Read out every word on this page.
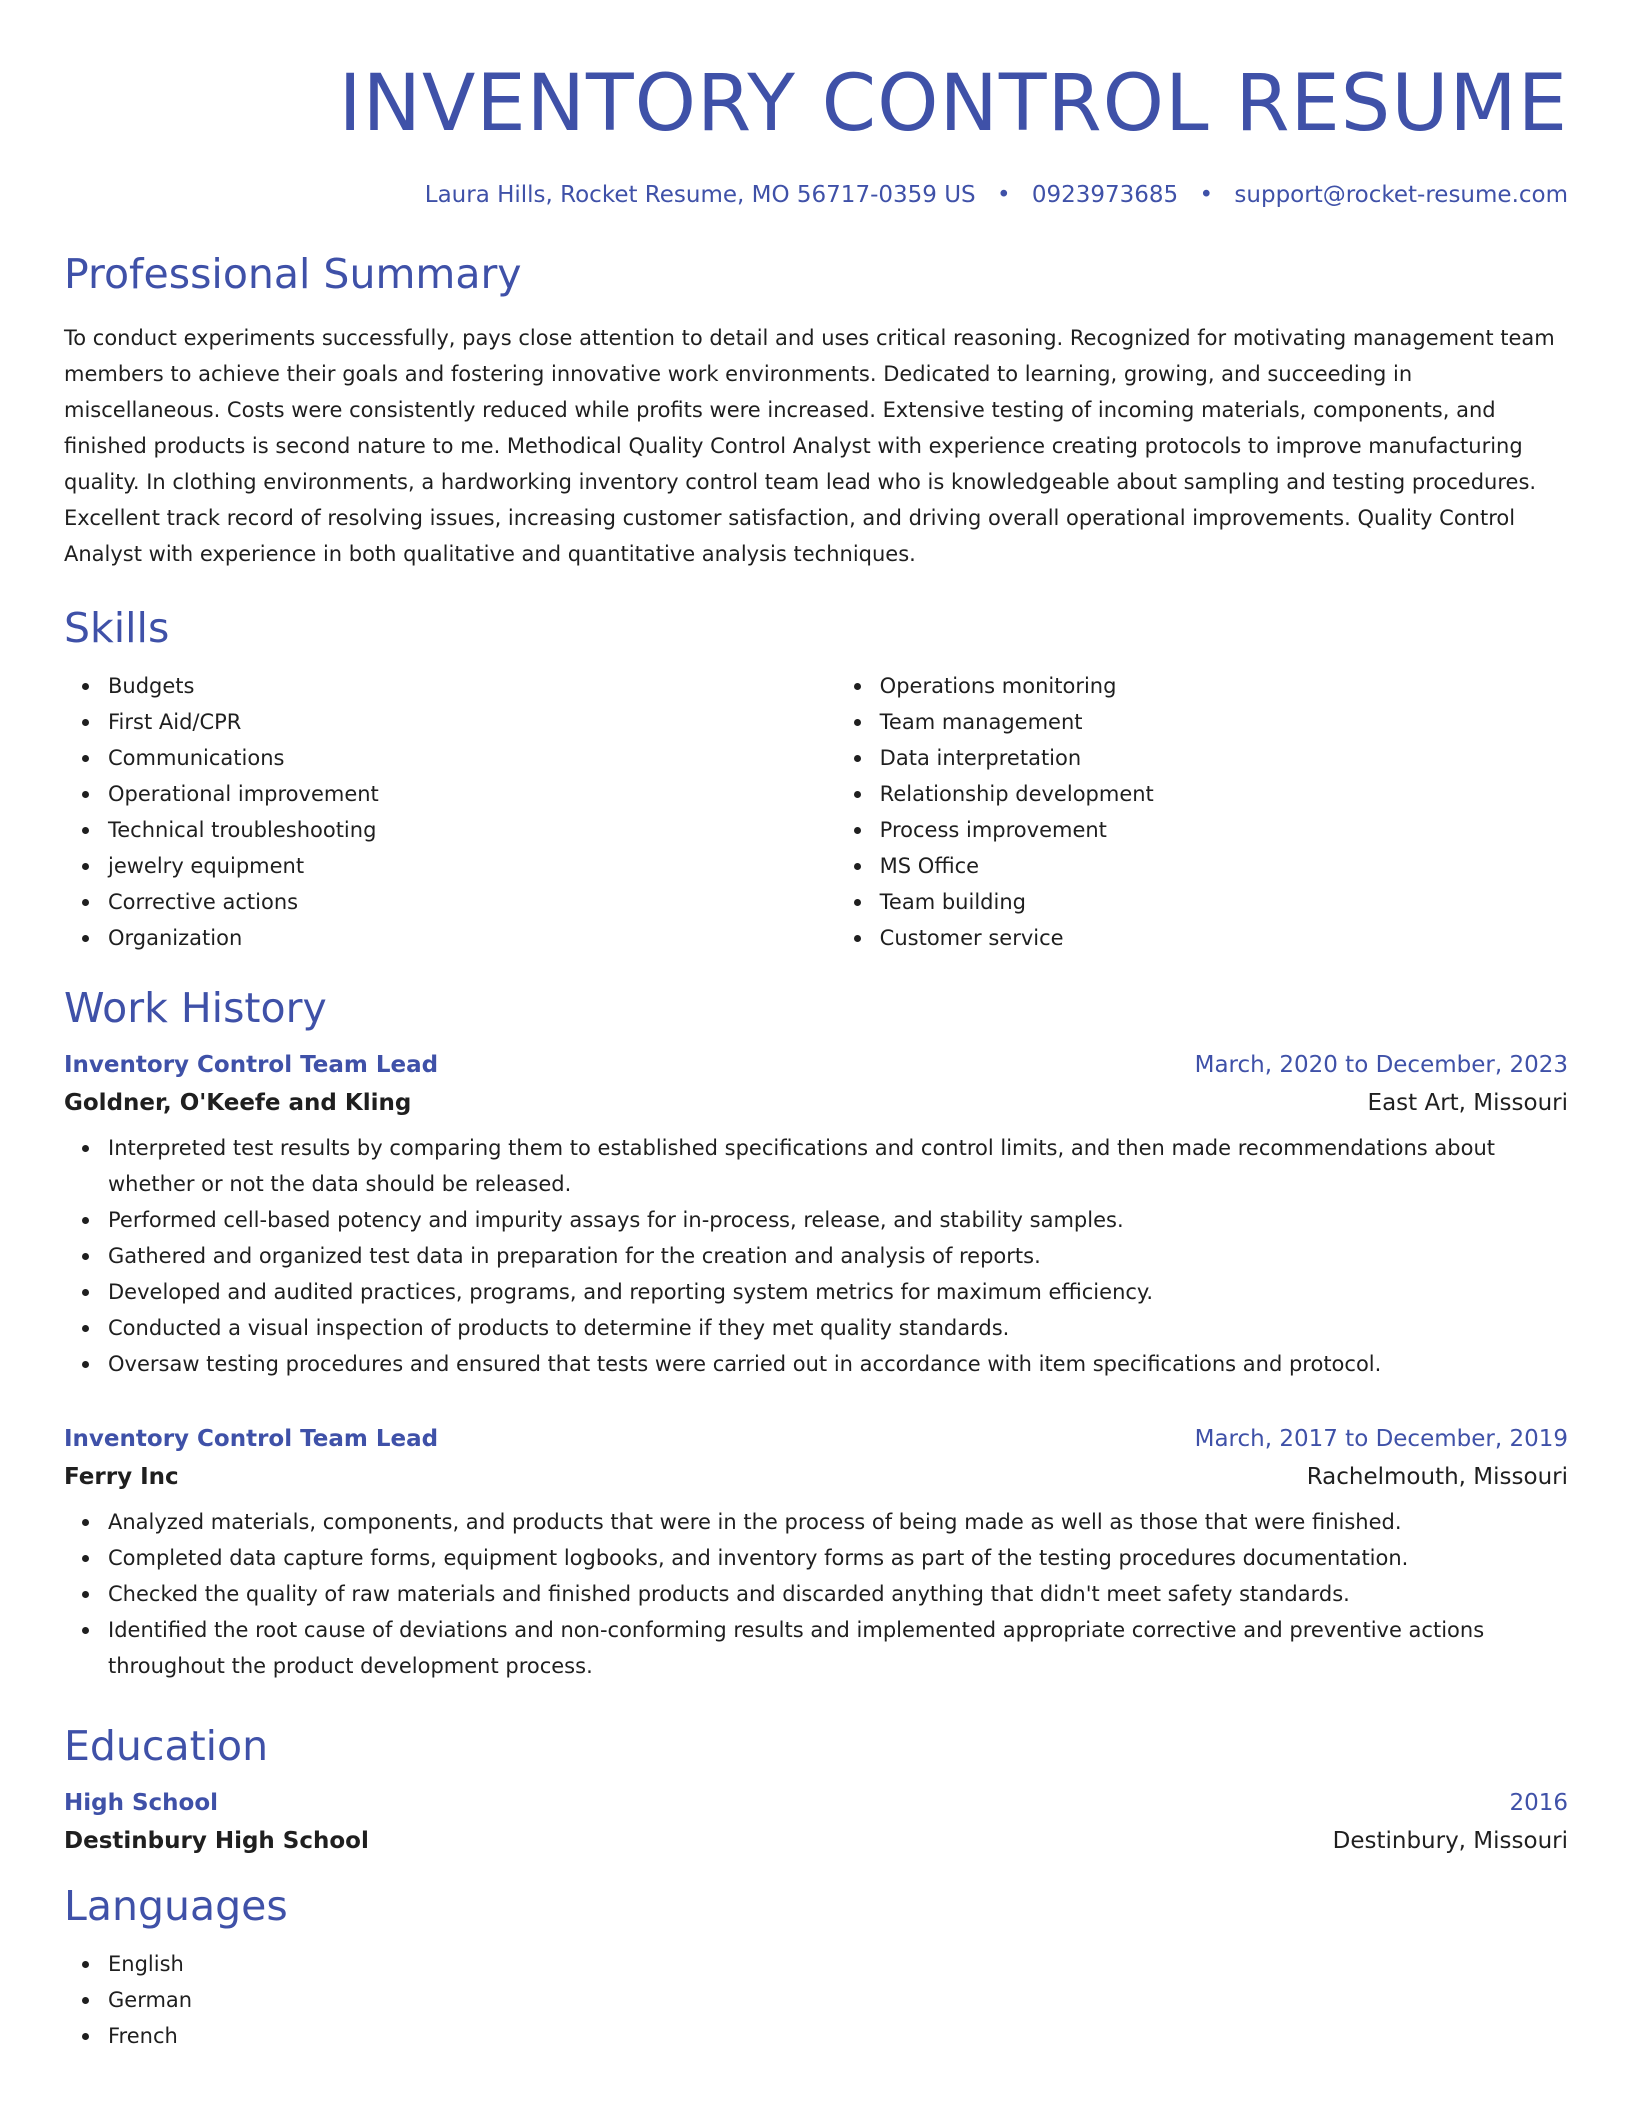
INVENTORY CONTROL RESUME
Laura Hills, Rocket Resume, MO 56717-0359 US • 0923973685 • support@rocket-resume.com
Professional Summary
To conduct experiments successfully, pays close attention to detail and uses critical reasoning. Recognized for motivating management team members to achieve their goals and fostering innovative work environments. Dedicated to learning, growing, and succeeding in miscellaneous. Costs were consistently reduced while profits were increased. Extensive testing of incoming materials, components, and finished products is second nature to me. Methodical Quality Control Analyst with experience creating protocols to improve manufacturing quality. In clothing environments, a hardworking inventory control team lead who is knowledgeable about sampling and testing procedures. Excellent track record of resolving issues, increasing customer satisfaction, and driving overall operational improvements. Quality Control Analyst with experience in both qualitative and quantitative analysis techniques.
Skills
Budgets
First Aid/CPR
Communications
Operational improvement
Technical troubleshooting
jewelry equipment
Corrective actions
Organization
Operations monitoring
Team management
Data interpretation
Relationship development
Process improvement
MS Office
Team building
Customer service
Work History
Inventory Control Team Lead	March, 2020 to December, 2023
Goldner, O'Keefe and Kling	East Art, Missouri
Interpreted test results by comparing them to established specifications and control limits, and then made recommendations about whether or not the data should be released.
Performed cell-based potency and impurity assays for in-process, release, and stability samples.
Gathered and organized test data in preparation for the creation and analysis of reports.
Developed and audited practices, programs, and reporting system metrics for maximum efficiency.
Conducted a visual inspection of products to determine if they met quality standards.
Oversaw testing procedures and ensured that tests were carried out in accordance with item specifications and protocol.
Inventory Control Team Lead	March, 2017 to December, 2019
Ferry Inc	Rachelmouth, Missouri
Analyzed materials, components, and products that were in the process of being made as well as those that were finished.
Completed data capture forms, equipment logbooks, and inventory forms as part of the testing procedures documentation.
Checked the quality of raw materials and finished products and discarded anything that didn't meet safety standards.
Identified the root cause of deviations and non-conforming results and implemented appropriate corrective and preventive actions throughout the product development process.
Education
High School	2016
Destinbury High School	Destinbury, Missouri
Languages
English
German
French
